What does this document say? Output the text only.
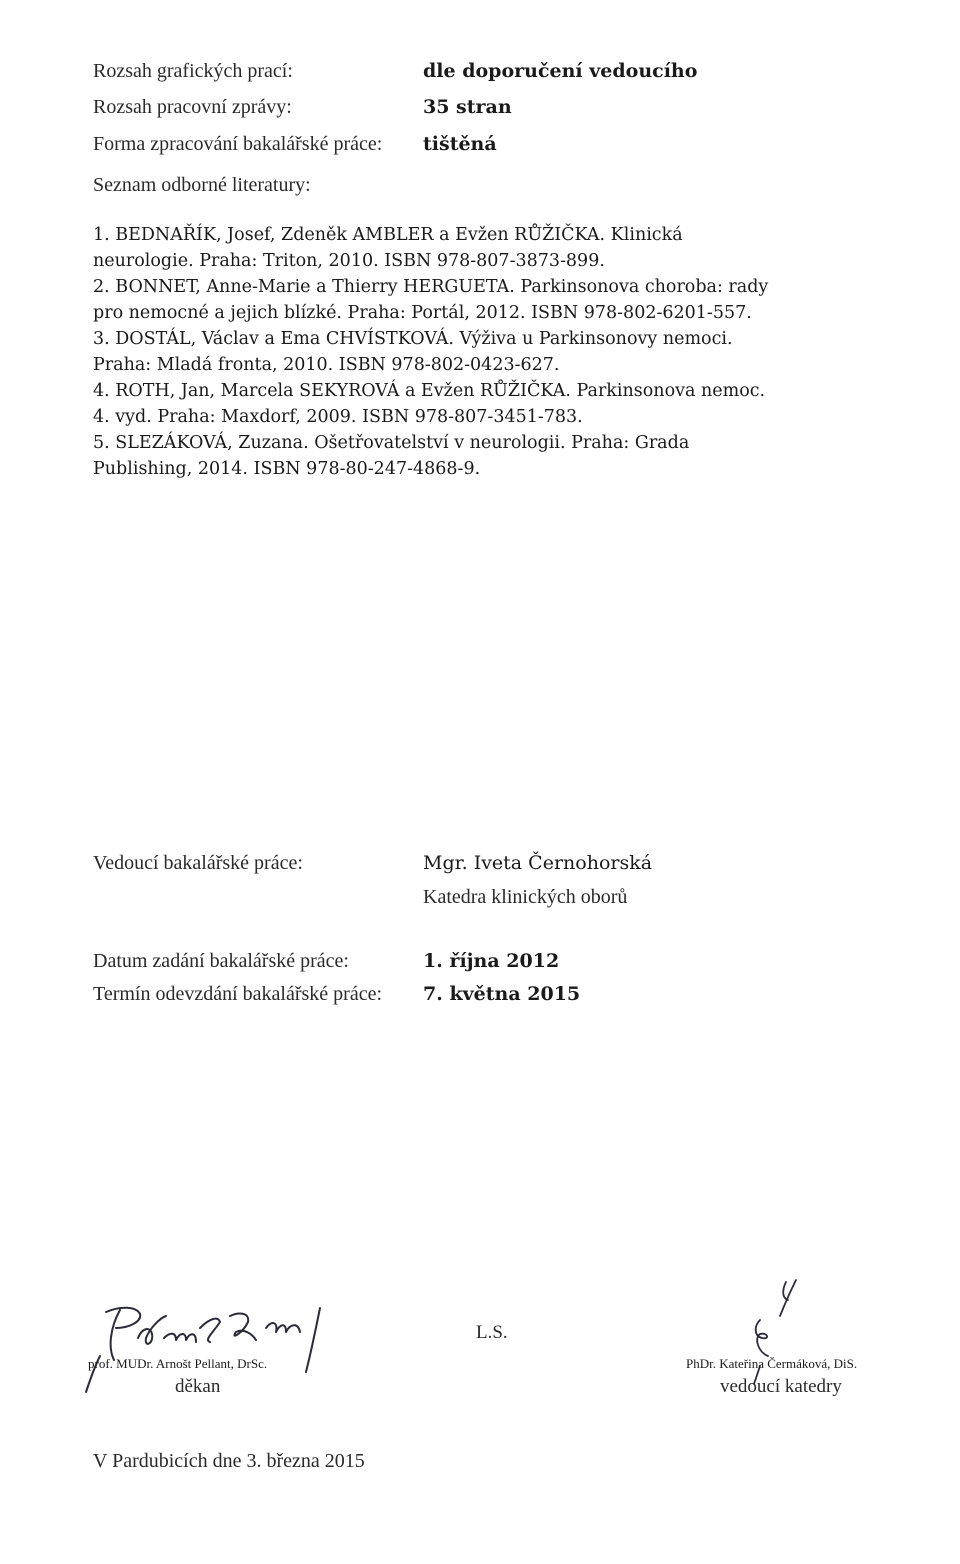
Rozsah grafických prací:	dle doporučení vedoucího
Rozsah pracovní zprávy:	35 stran
Forma zpracování bakalářské práce: tištěná
Seznam odborné literatury:
1. BEDNAŘÍK, Josef, Zdeněk AMBLER a Evžen RŮŽIČKA. Klinická
neurologie. Praha: Triton, 2010. ISBN 978-807-3873-899.
2. BONNET, Anne-Marie a Thierry HERGUETA. Parkinsonova choroba: rady
pro nemocné a jejich blízké. Praha: Portál, 2012. ISBN 978-802-6201-557.
3. DOSTÁL, Václav a Ema CHVÍSTKOVÁ. Výživa u Parkinsonovy nemoci.
Praha: Mladá fronta, 2010. ISBN 978-802-0423-627.
4. ROTH, Jan, Marcela SEKYROVÁ a Evžen RŮŽIČKA. Parkinsonova nemoc.
4. vyd. Praha: Maxdorf, 2009. ISBN 978-807-3451-783.
5. SLEZÁKOVÁ, Zuzana. Ošetřovatelství v neurologii. Praha: Grada
Publishing, 2014. ISBN 978-80-247-4868-9.
Vedoucí bakalářské práce:	Mgr. Iveta Černohorská
Katedra klinických oborů
Datum zadání bakalářské práce:	1. října 2012
Termín odevzdání bakalářské práce: 7. května 2015
prof. MUDr. Arnošt Pellant, DrSc.
děkan
L.S.
PhDr. Kateřina Čermáková, DiS.
vedoucí katedry
V Pardubicích dne 3. března 2015
